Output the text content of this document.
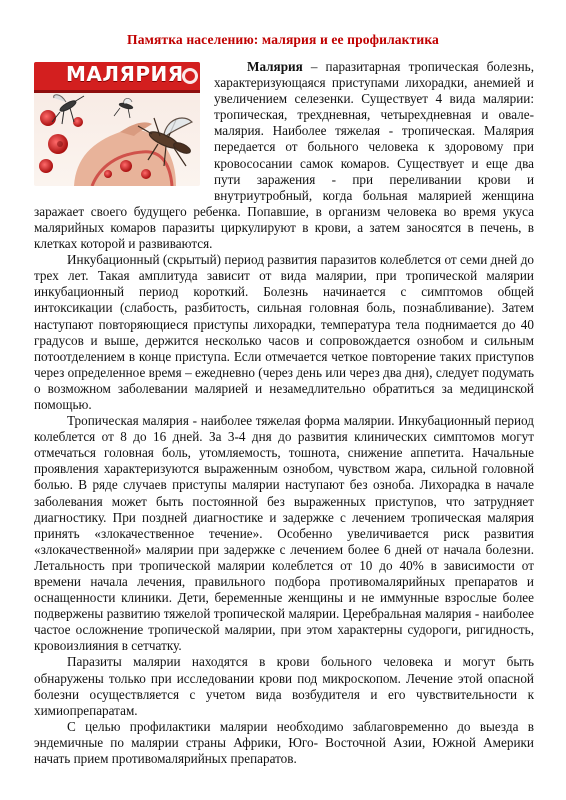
Памятка населению: малярия и ее профилактика

МАЛЯРИЯ	Малярия – паразитарная тропическая болезнь, характеризующаяся приступами лихорадки, анемией и увеличением селезенки. Существует 4 вида малярии: тропическая, трехдневная, четырехдневная и овале-малярия. Наиболее тяжелая - тропическая. Малярия передается от больного человека к здоровому при кровососании самок комаров. Существует и еще два пути заражения - при переливании крови и внутриутробный, когда больная малярией женщина заражает своего будущего ребенка. Попавшие, в организм человека во время укуса малярийных комаров паразиты циркулируют в крови, а затем заносятся в печень, в клетках которой и развиваются.

Инкубационный (скрытый) период развития паразитов колеблется от семи дней до трех лет. Такая амплитуда зависит от вида малярии, при тропической малярии инкубационный период короткий. Болезнь начинается с симптомов общей интоксикации (слабость, разбитость, сильная головная боль, познабливание). Затем наступают повторяющиеся приступы лихорадки, температура тела поднимается до 40 градусов и выше, держится несколько часов и сопровождается ознобом и сильным потоотделением в конце приступа. Если отмечается четкое повторение таких приступов через определенное время – ежедневно (через день или через два дня), следует подумать о возможном заболевании малярией и незамедлительно обратиться за медицинской помощью.

Тропическая малярия - наиболее тяжелая форма малярии. Инкубационный период колеблется от 8 до 16 дней. За 3-4 дня до развития клинических симптомов могут отмечаться головная боль, утомляемость, тошнота, снижение аппетита. Начальные проявления характеризуются выраженным ознобом, чувством жара, сильной головной болью. В ряде случаев приступы малярии наступают без озноба. Лихорадка в начале заболевания может быть постоянной без выраженных приступов, что затрудняет диагностику. При поздней диагностике и задержке с лечением тропическая малярия принять «злокачественное течение». Особенно увеличивается риск развития «злокачественной» малярии при задержке с лечением более 6 дней от начала болезни. Летальность при тропической малярии колеблется от 10 до 40% в зависимости от времени начала лечения, правильного подбора противомалярийных препаратов и оснащенности клиники. Дети, беременные женщины и не иммунные взрослые более подвержены развитию тяжелой тропической малярии. Церебральная малярия - наиболее частое осложнение тропической малярии, при этом характерны судороги, ригидность, кровоизлияния в сетчатку.

Паразиты малярии находятся в крови больного человека и могут быть обнаружены только при исследовании крови под микроскопом. Лечение этой опасной болезни осуществляется с учетом вида возбудителя и его чувствительности к химиопрепаратам.

С целью профилактики малярии необходимо заблаговременно до выезда в эндемичные по малярии страны Африки, Юго- Восточной Азии, Южной Америки начать прием противомалярийных препаратов.
